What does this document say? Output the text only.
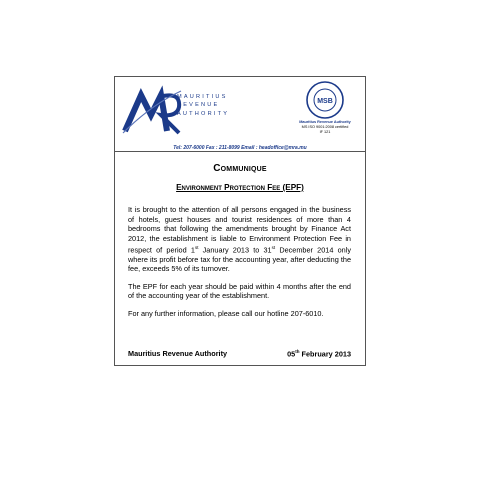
MAURITIUS
REVENUE
AUTHORITY
MSB
Mauritius Revenue Authority
MS ISO 9001:2008 certified
IF 121
Tel: 207-6000 Fax : 211-8099 Email : headoffice@mra.mu
Communique
Environment Protection Fee (EPF)

It is brought to the attention of all persons engaged in the business of hotels, guest houses and tourist residences of more than 4 bedrooms that following the amendments brought by Finance Act 2012, the establishment is liable to Environment Protection Fee in respect of period 1st January 2013 to 31st December 2014 only where its profit before tax for the accounting year, after deducting the fee, exceeds 5% of its turnover.

The EPF for each year should be paid within 4 months after the end of the accounting year of the establishment.

For any further information, please call our hotline 207-6010.

Mauritius Revenue Authority	05th February 2013
